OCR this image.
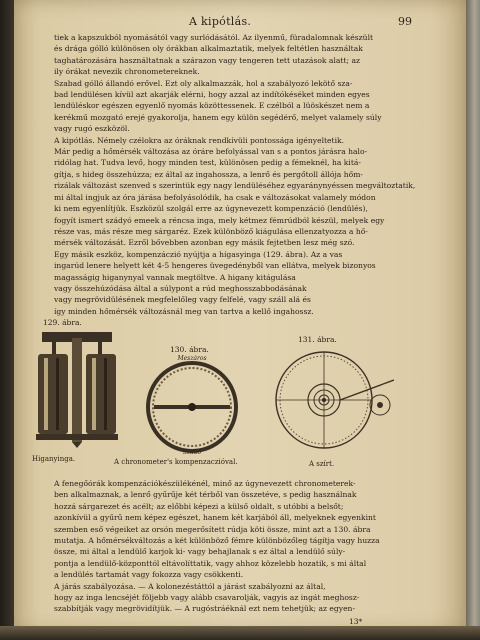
A kipótlás.	99
tiek a kapszukból nyomásától vagy surlódásától. Az ilyenmű, füradalomnak készült
és drága gólló különösen oly órákban alkalmaztatik, melyek feltétlen használtak
taghatározására használtatnak a szárazon vagy tengeren tett utazások alatt; az
ily órákat nevezik chronometereknek.
Szabad gólló állandó erővel. Ezt oly alkalmazzák, hol a szabályozó lekötő sza-
bad lendülésen kívül azt akarják elérni, hogy azzal az indítókéséket minden egyes
lendüléskor egészen egyenlő nyomás közöttessenek. E czélból a lüöskészet nem a
kerékmű mozgató erejé gyakorolja, hanem egy külön segédérő, melyet valamely súly
vagy rugó eszközöl.
A kipótlás. Némely czélokra az óráknak rendkívüli pontossága igényeltetik.
Már pedig a hőmérsék változása az óráre befolyással van s a pontos járásra halo-
ridólag hat. Tudva levő, hogy minden test, különösen pedig a fémeknél, ha kitá-
gítja, s hideg összehúzza; ez által az ingahossza, a lenrő és pergőtoll állója hőm-
rizálak változást szenved s szerintük egy nagy lendüléséhez egyaránynyéssen megváltoztatik,
mi által ingjuk az óra járása befolyásolódik, ha csak e változásokat valamely módon
ki nem egyenlítjük. Eszközül szolgál erre az úgynevezett kompenzáció (lendülés),
fogyít ismert szádyó emeek a réncsa inga, mely kétmez fémrúdból készül, melyek egy
része vas, más része meg sárgaréz. Ezek különböző kiágulása ellenzatyozza a hő-
mérsék változását. Ezről bővebben azonban egy másik fejtetben lesz még szó.
Egy másik eszköz, kompenzáczió nyújtja a hígasyinga (129. ábra). Az a vas
ingarúd lenere helyett két 4-5 hengeres üvegedényből van ellátva, melyek bizonyos
magasságig higanynyal vannak megtöltve. A higany kitágulása
vagy összehúzódása által a súlypont a rúd meghosszabbodásának
vagy megrövidülésének megfelelőleg vagy felfelé, vagy száll alá és
így minden hőmérsék változásnál meg van tartva a kellő ingahossz.
129. ábra.
Higanyinga.
130. ábra.
Meszáros
Szabó
A chronometer's kompenzaczióval.
131. ábra.
A szírt.
A fenegőórák kompenzációkészülékénél, minő az úgynevezett chronometerek-
ben alkalmaznak, a lenrő gyűrűje két térből van összetéve, s pedig használnak
hozzá sárgarezet és acélt; az előbbi képezi a külső oldalt, s utóbbi a belsőt;
azonkívül a gyűrű nem képez egészet, hanem két karjából áll, melyeknek egyenkint
szemben eső végeiket az orsón megerősített rúdja köti össze, mint azt a 130. ábra
mutatja. A hőmérsékváltozás a két különböző fémre különbözőleg tágítja vagy huzza
össze, mi által a lendülő karjok ki- vagy behajlanak s ez által a lendülő súly-
pontja a lendülő-központtól eltávolíttatik, vagy ahhoz közelebb hozatik, s mi által
a lendülés tartamát vagy fokozza vagy csökkenti.
A járás szabályozása. — A kolonezéstáttól a járást szabályozni az által,
hogy az inga lencséjét följebb vagy alább csavarolják, vagyis az ingát meghosz-
szabbítják vagy megrövidítjük. — A rugóstráéknál ezt nem tehetjük; az egyen-
13*
